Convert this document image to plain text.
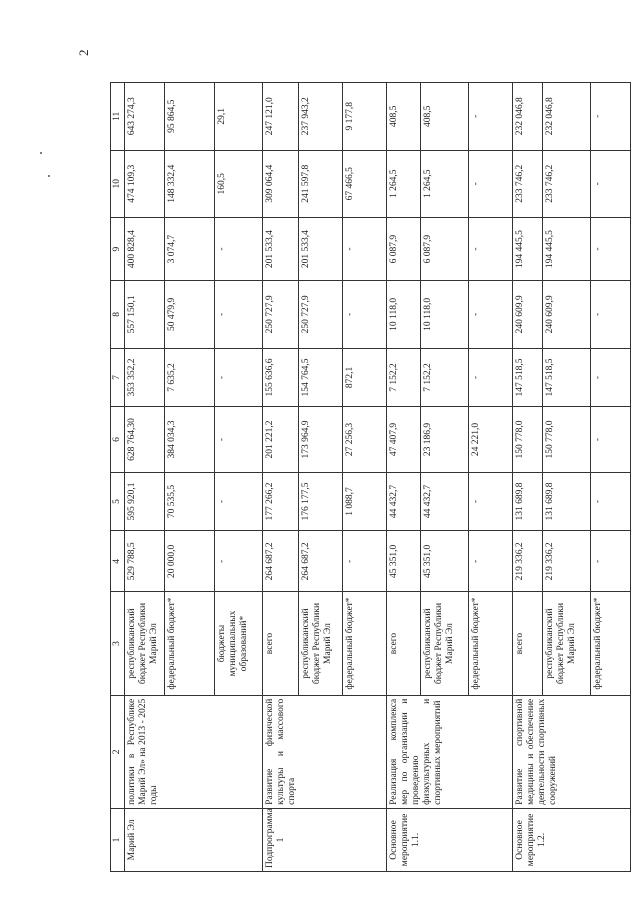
2
1	2	3	4	5	6	7	8	9	10	11
Марий Эл	политики в Республике Марий Эл» на 2013 - 2025 годы	республиканский бюджет Республики Марий Эл	529 788,5	595 920,1	628 764,30	353 352,2	557 150,1	400 828,4	474 109,3	643 274,3
		федеральный бюджет*	20 000,0	70 535,5	384 034,3	7 635,2	50 479,9	3 074,7	148 332,4	95 864,5
		бюджеты муниципальных образований*	-	-	-	-	-	-	160,5	29,1
Подпрограмма 1	Развитие физической культуры и массового спорта	всего	264 687,2	177 266,2	201 221,2	155 636,6	250 727,9	201 533,4	309 064,4	247 121,0
		республиканский бюджет Республики Марий Эл	264 687,2	176 177,5	173 964,9	154 764,5	250 727,9	201 533,4	241 597,8	237 943,2
		федеральный бюджет*	-	1 088,7	27 256,3	872,1	-	-	67 466,5	9 177,8
Основное мероприятие 1.1.	Реализация комплекса мер по организации и проведению физкультурных и спортивных мероприятий	всего	45 351,0	44 432,7	47 407,9	7 152,2	10 118,0	6 087,9	1 264,5	408,5
		республиканский бюджет Республики Марий Эл	45 351,0	44 432,7	23 186,9	7 152,2	10 118,0	6 087,9	1 264,5	408,5
		федеральный бюджет*	-	-	24 221,0	-	-	-	-	-
Основное мероприятие 1.2.	Развитие спортивной медицины и обеспечение деятельности спортивных сооружений	всего	219 336,2	131 689,8	150 778,0	147 518,5	240 609,9	194 445,5	233 746,2	232 046,8
		республиканский бюджет Республики Марий Эл	219 336,2	131 689,8	150 778,0	147 518,5	240 609,9	194 445,5	233 746,2	232 046,8
		федеральный бюджет*	-	-	-	-	-	-	-	-
